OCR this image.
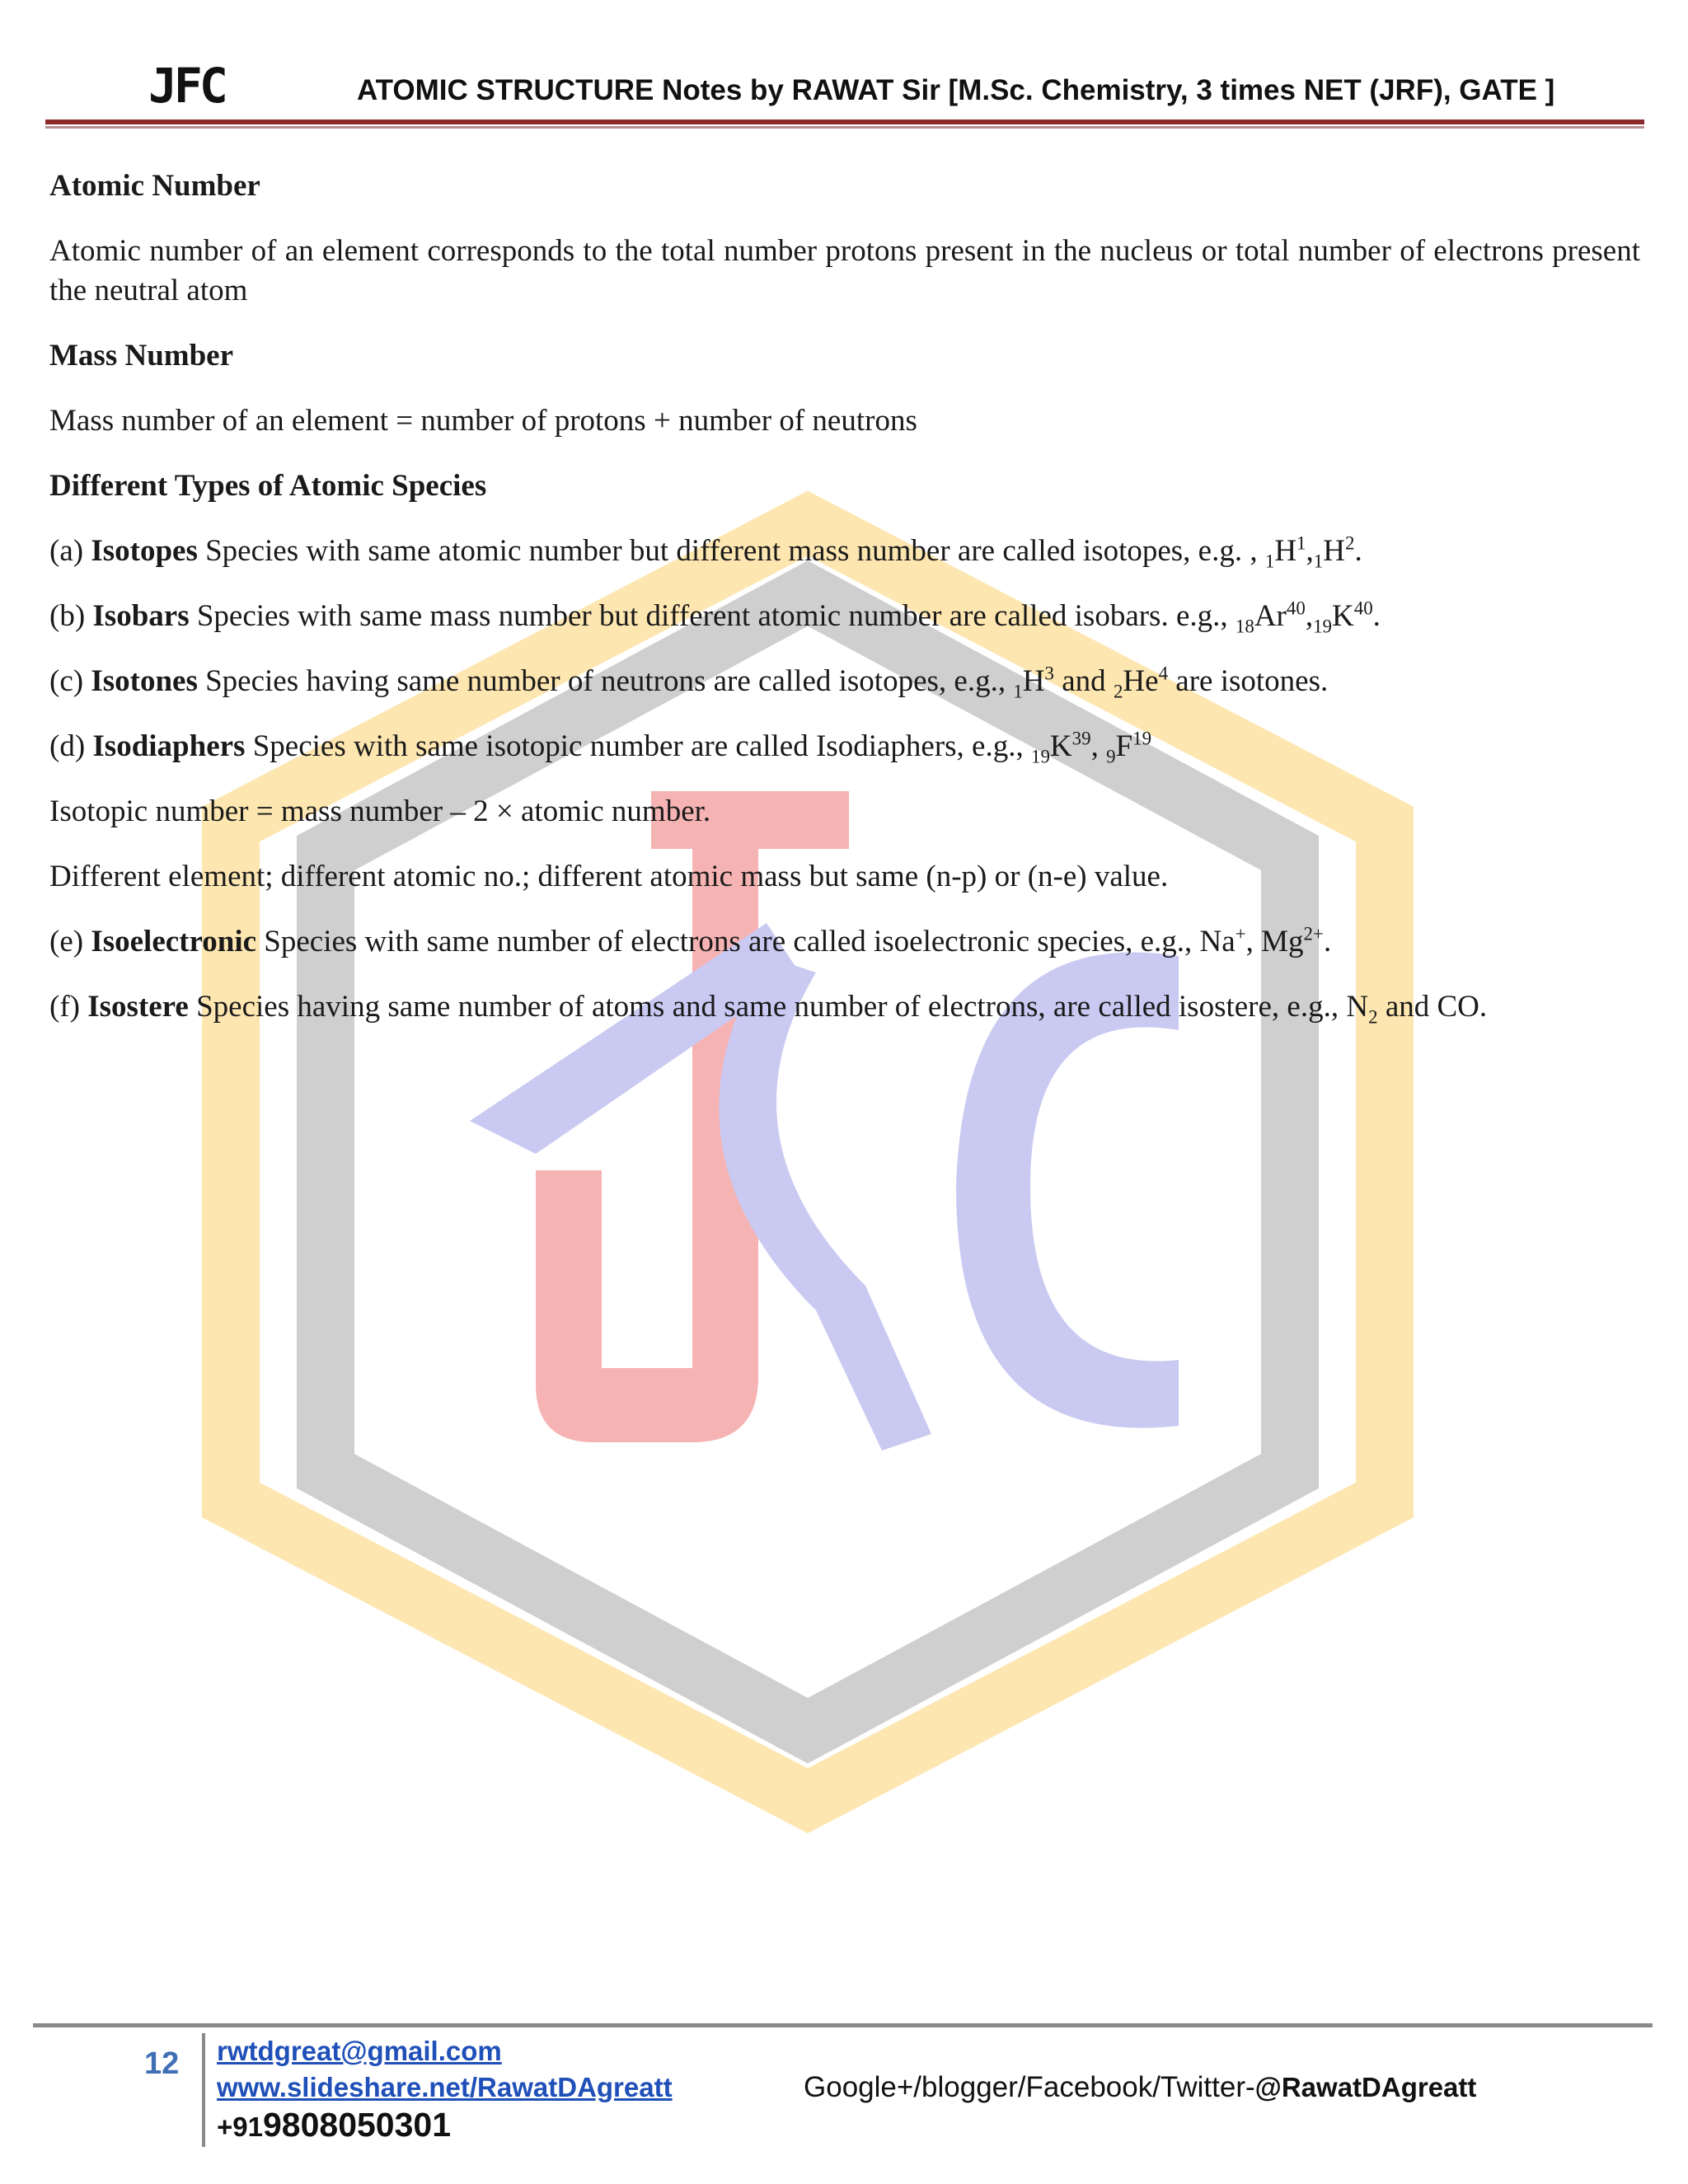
JFC	ATOMIC STRUCTURE Notes by RAWAT Sir [M.Sc. Chemistry, 3 times NET (JRF), GATE ]
Atomic Number

Atomic number of an element corresponds to the total number protons present in the nucleus or total number of electrons present the neutral atom

Mass Number

Mass number of an element = number of protons + number of neutrons

Different Types of Atomic Species

(a) Isotopes Species with same atomic number but different mass number are called isotopes, e.g. , $_1H^1,_1H^2$.

(b) Isobars Species with same mass number but different atomic number are called isobars. e.g., $_{18}Ar^{40},_{19}K^{40}$.

(c) Isotones Species having same number of neutrons are called isotopes, e.g., $_1H^3$ and $_2He^4$ are isotones.

(d) Isodiaphers Species with same isotopic number are called Isodiaphers, e.g., $_{19}K^{39}$, $_9F^{19}$

Isotopic number = mass number – 2 × atomic number.

Different element; different atomic no.; different atomic mass but same (n-p) or (n-e) value.

(e) Isoelectronic Species with same number of electrons are called isoelectronic species, e.g., Na+, $Mg^{2+}$.

(f) Isostere Species having same number of atoms and same number of electrons, are called isostere, e.g., $N_2$ and CO.

12 rwtdgreat@gmail.com
www.slideshare.net/RawatDAgreatt
+919808050301
Google+/blogger/Facebook/Twitter-@RawatDAgreatt
